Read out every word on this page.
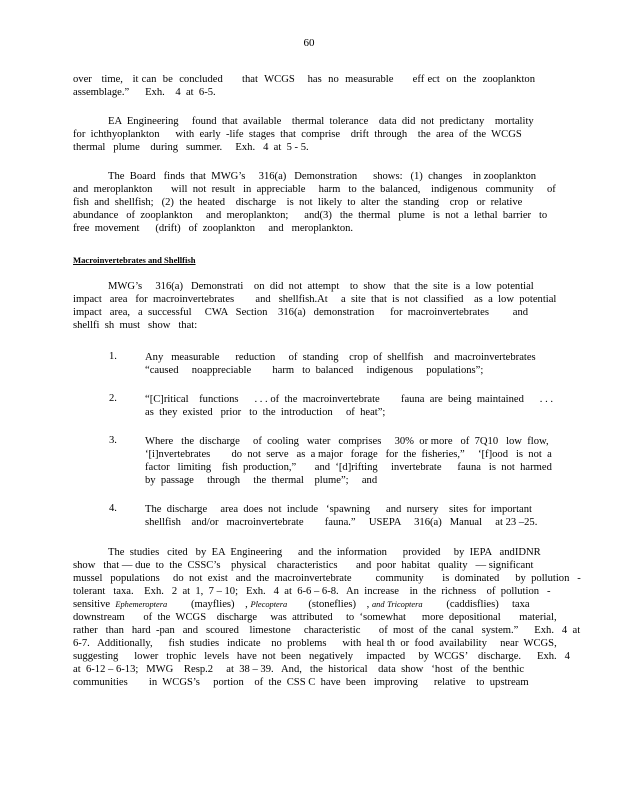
60
over   time,   it can  be  concluded      that  WCGS    has  no  measurable      eff ect  on  the  zooplankton
assemblage.”      Exh.    4  at  6-5.
EA  Engineering     found  that  available    thermal  tolerance    data  did  not  predictany    mortality
for  ichthyoplankton      with  early  -life  stages  that  comprise    drift  through    the  area  of  the  WCGS
thermal   plume    during   summer.     Exh.   4  at  5 - 5.
The  Board   finds  that  MWG’s     316(a)   Demonstration      shows:   (1)  changes    in zooplankton
and  meroplankton       will  not  result   in  appreciable     harm   to  the  balanced,    indigenous   community     of
fish  and  shellfish;   (2)  the  heated    discharge    is  not  likely  to  alter  the  standing    crop   or  relative
abundance   of  zooplankton     and  meroplankton;      and(3)   the  thermal   plume   is  not  a  lethal  barrier   to
free  movement      (drift)   of  zooplankton     and   meroplankton.
Macroinvertebrates and Shellfish
MWG’s     316(a)   Demonstrati    on  did  not  attempt    to  show   that  the  site  is  a  low  potential
impact   area   for  macroinvertebrates        and   shellfish.At     a  site  that  is  not  classified    as  a  low  potential
impact   area,   a  successful     CWA   Section    316(a)   demonstration      for  macroinvertebrates         and
shellfi  sh  must   show   that:
1.	Any   measurable      reduction     of  standing    crop  of  shellfish    and  macroinvertebrates
“caused     noappreciable        harm   to  balanced     indigenous     populations”;
2.	“[C]ritical    functions      . . . of  the  macroinvertebrate        fauna  are  being  maintained      . . .
as  they  existed   prior   to  the  introduction     of  heat”;
3.	Where   the  discharge     of  cooling   water   comprises     30%  or more   of  7Q10   low  flow,
‘[i]nvertebrates        do  not  serve   as  a major   forage   for  the  fisheries,”     ‘[f]ood   is  not  a
factor   limiting    fish  production,”       and  ‘[d]rifting     invertebrate      fauna   is  not  harmed
by  passage     through     the  thermal    plume”;     and
4.	The  discharge     area  does  not  include   ‘spawning      and  nursery    sites  for  important
shellfish    and/or   macroinvertebrate        fauna.”     USEPA     316(a)   Manual     at 23 –25.
The  studies   cited   by  EA  Engineering      and  the  information      provided     by  IEPA   andIDNR
show   that — due  to  the  CSSC’s    physical    characteristics       and  poor  habitat   quality   — significant
mussel   populations     do  not  exist   and  the  macroinvertebrate         community       is  dominated      by  pollution   -
tolerant   taxa.    Exh.   2  at  1,  7 – 10;   Exh.   4  at  6-6 – 6-8.   An  increase    in  the  richness    of  pollution   -
sensitive  Ephemeroptera         (mayflies)    , Plecoptera        (stoneflies)    , and Tricoptera         (caddisflies)     taxa
downstream       of  the  WCGS    discharge     was  attributed     to  ‘somewhat      more  depositional       material,
rather   than   hard  -pan   and   scoured    limestone     characteristic       of  most  of  the  canal   system.”      Exh.   4  at
6-7.   Additionally,      fish  studies   indicate    no  problems      with  heal th  or  food  availability     near  WCGS,
suggesting      lower   trophic   levels   have  not  been   negatively     impacted     by  WCGS’    discharge.      Exh.   4
at  6-12 – 6-13;   MWG    Resp.2     at  38 – 39.   And,   the  historical    data  show   ‘host   of  the  benthic
communities        in  WCGS’s     portion    of  the  CSS C  have  been   improving      relative    to  upstream
